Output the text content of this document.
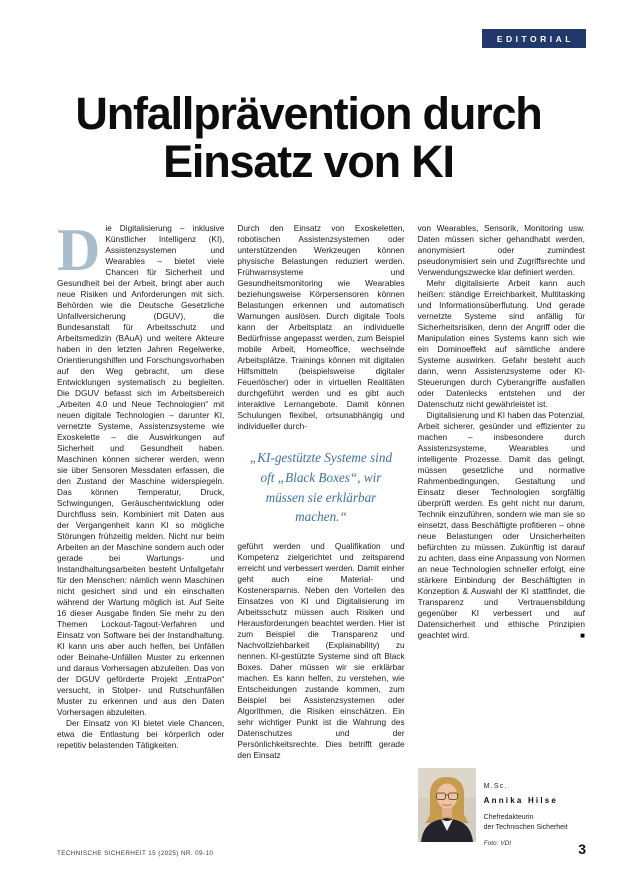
EDITORIAL
Unfallprävention durch
Einsatz von KI

Die Digitalisierung – inklusive Künstlicher Intelligenz (KI), Assistenzsystemen und Wearables – bietet viele Chancen für Sicherheit und Gesundheit bei der Arbeit, bringt aber auch neue Risiken und Anforderungen mit sich. Behörden wie die Deutsche Gesetzliche Unfallversicherung (DGUV), die Bundesanstalt für Arbeitsschutz und Arbeitsmedizin (BAuA) und weitere Akteure haben in den letzten Jahren Regelwerke, Orientierungshilfen und Forschungsvorhaben auf den Weg gebracht, um diese Entwicklungen systematisch zu begleiten. Die DGUV befasst sich im Arbeitsbereich „Arbeiten 4.0 und Neue Technologien“ mit neuen digitale Technologien – darunter KI, vernetzte Systeme, Assistenzsysteme wie Exoskelette – die Auswirkungen auf Sicherheit und Gesundheit haben. Maschinen können sicherer werden, wenn sie über Sensoren Messdaten erfassen, die den Zustand der Maschine widerspiegeln. Das können Temperatur, Druck, Schwingungen, Geräuschentwicklung oder Durchfluss sein. Kombiniert mit Daten aus der Vergangenheit kann KI so mögliche Störungen frühzeitig melden. Nicht nur beim Arbeiten an der Maschine sondern auch oder gerade bei Wartungs- und Instandhaltungsarbeiten besteht Unfallgefahr für den Menschen: nämlich wenn Maschinen nicht gesichert sind und ein einschalten während der Wartung möglich ist. Auf Seite 16 dieser Ausgabe finden Sie mehr zu den Themen Lockout-Tagout-Verfahren und Einsatz von Software bei der Instandhaltung. KI kann uns aber auch helfen, bei Unfällen oder Beinahe-Unfällen Muster zu erkennen und daraus Vorhersagen abzuleiten. Das von der DGUV geförderte Projekt „EntraPon“ versucht, in Stolper- und Rutschunfällen Muster zu erkennen und aus den Daten Vorhersagen abzuleiten.

Der Einsatz von KI bietet viele Chancen, etwa die Entlastung bei körperlich oder repetitiv belastenden Tätigkeiten.

Durch den Einsatz von Exoskeletten, robotischen Assistenzsystemen oder unterstützenden Werkzeugen können physische Belastungen reduziert werden. Frühwarnsysteme und Gesundheitsmonitoring wie Wearables beziehungsweise Körpersensoren können Belastungen erkennen und automatisch Warnungen auslösen. Durch digitale Tools kann der Arbeitsplatz an individuelle Bedürfnisse angepasst werden, zum Beispiel mobile Arbeit, Homeoffice, wechselnde Arbeitsplätze. Trainings können mit digitalen Hilfsmitteln (beispielsweise digitaler Feuerlöscher) oder in virtuellen Realitäten durchgeführt werden und es gibt auch interaktive Lernangebote. Damit können Schulungen flexibel, ortsunabhängig und individueller durch-

„KI-gestützte Systeme sind oft „Black Boxes“, wir müssen sie erklärbar machen.“

geführt werden und Qualifikation und Kompetenz zielgerichtet und zeitsparend erreicht und verbessert werden. Damit einher geht auch eine Material- und Kostenersparnis. Neben den Vorteilen des Einsatzes von KI und Digitalisierung im Arbeitsschutz müssen auch Risiken und Herausforderungen beachtet werden. Hier ist zum Beispiel die Transparenz und Nachvollziehbarkeit (Explainability) zu nennen. KI-gestützte Systeme sind oft Black Boxes. Daher müssen wir sie erklärbar machen. Es kann helfen, zu verstehen, wie Entscheidungen zustande kommen, zum Beispiel bei Assistenzsystemen oder Algorithmen, die Risiken einschätzen. Ein sehr wichtiger Punkt ist die Wahrung des Datenschutzes und der Persönlichkeitsrechte. Dies betrifft gerade den Einsatz

von Wearables, Sensorik, Monitoring usw. Daten müssen sicher gehandhabt werden, anonymisiert oder zumindest pseudonymisiert sein und Zugriffsrechte und Verwendungszwecke klar definiert werden.

Mehr digitalisierte Arbeit kann auch heißen: ständige Erreichbarkeit, Multitasking und Informationsüberflutung. Und gerade vernetzte Systeme sind anfällig für Sicherheitsrisiken, denn der Angriff oder die Manipulation eines Systems kann sich wie ein Dominoeffekt auf sämtliche andere Systeme auswirken. Gefahr besteht auch dann, wenn Assistenzsysteme oder KI-Steuerungen durch Cyberangriffe ausfallen oder Datenlecks entstehen und der Datenschutz nicht gewährleistet ist.

Digitalisierung und KI haben das Potenzial, Arbeit sicherer, gesünder und effizienter zu machen – insbesondere durch Assistenzsysteme, Wearables und intelligente Prozesse. Damit das gelingt, müssen gesetzliche und normative Rahmenbedingungen, Gestaltung und Einsatz dieser Technologien sorgfältig überprüft werden. Es geht nicht nur darum, Technik einzuführen, sondern wie man sie so einsetzt, dass Beschäftigte profitieren – ohne neue Belastungen oder Unsicherheiten befürchten zu müssen. Zukünftig ist darauf zu achten, dass eine Anpassung von Normen an neue Technologien schneller erfolgt, eine stärkere Einbindung der Beschäftigten in Konzeption & Auswahl der KI stattfindet, die Transparenz und Vertrauensbildung gegenüber KI verbessert und auf Datensicherheit und ethische Prinzipien geachtet wird.	■

M.Sc.
Annika Hilse
Chefredakteurin
der Technischen Sicherheit
Foto: VDI
TECHNISCHE SICHERHEIT 15 (2025) NR. 09-10	3
